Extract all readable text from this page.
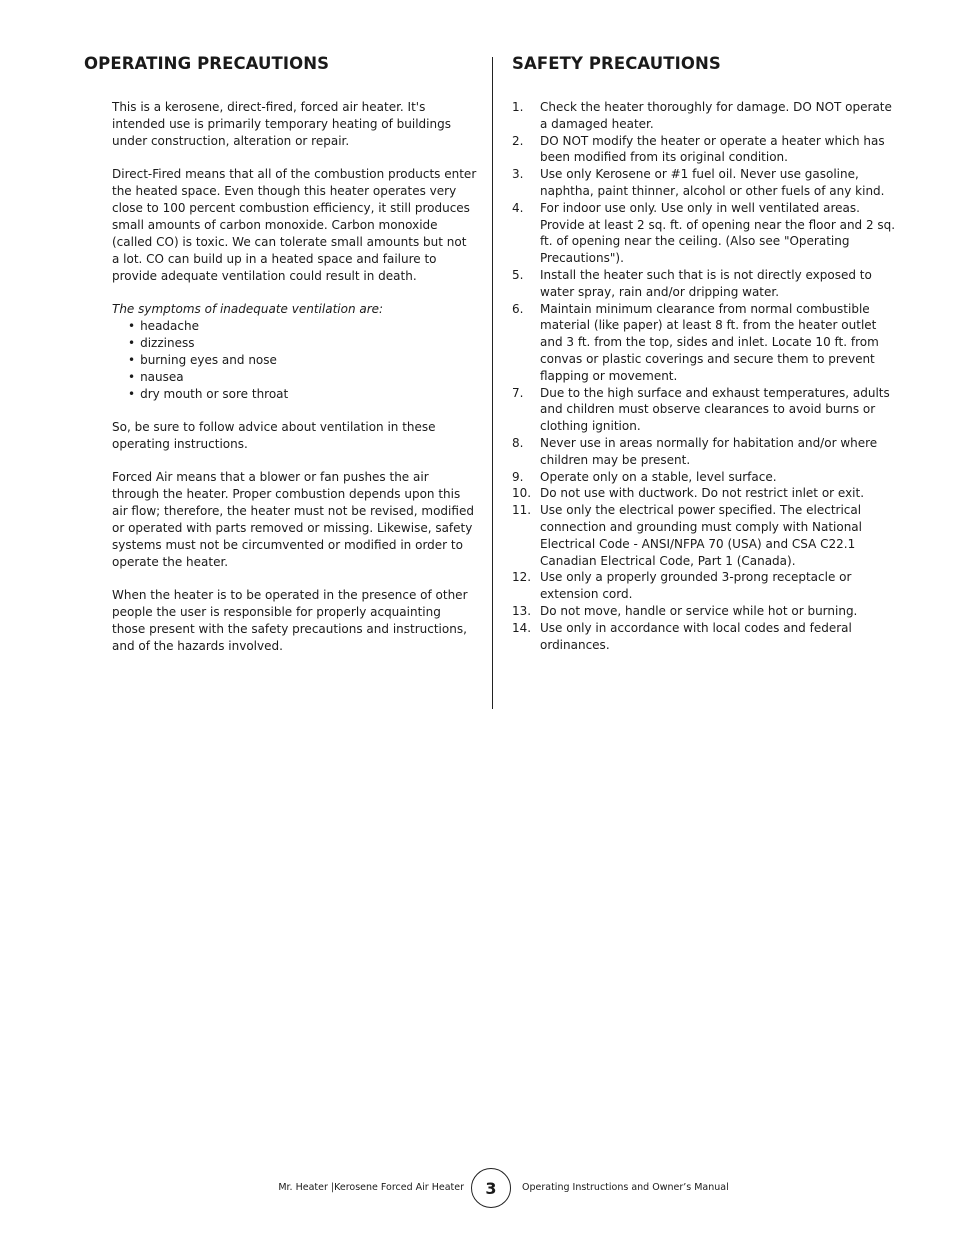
OPERATING PRECAUTIONS	SAFETY PRECAUTIONS

This is a kerosene, direct-fired, forced air heater. It's intended use is primarily temporary heating of buildings under construction, alteration or repair.

Direct-Fired means that all of the combustion products enter the heated space. Even though this heater operates very close to 100 percent combustion efficiency, it still produces small amounts of carbon monoxide. Carbon monoxide (called CO) is toxic. We can tolerate small amounts but not a lot. CO can build up in a heated space and failure to provide adequate ventilation could result in death.

The symptoms of inadequate ventilation are:

• headache
• dizziness
• burning eyes and nose
• nausea
• dry mouth or sore throat

So, be sure to follow advice about ventilation in these operating instructions.

Forced Air means that a blower or fan pushes the air through the heater. Proper combustion depends upon this air flow; therefore, the heater must not be revised, modified or operated with parts removed or missing. Likewise, safety systems must not be circumvented or modified in order to operate the heater.

When the heater is to be operated in the presence of other people the user is responsible for properly acquainting those present with the safety precautions and instructions, and of the hazards involved.

1. Check the heater thoroughly for damage. DO NOT operate a damaged heater.
2. DO NOT modify the heater or operate a heater which has been modified from its original condition.
3. Use only Kerosene or #1 fuel oil. Never use gasoline, naphtha, paint thinner, alcohol or other fuels of any kind.
4. For indoor use only. Use only in well ventilated areas. Provide at least 2 sq. ft. of opening near the floor and 2 sq. ft. of opening near the ceiling. (Also see "Operating Precautions").
5. Install the heater such that is is not directly exposed to water spray, rain and/or dripping water.
6. Maintain minimum clearance from normal combustible material (like paper) at least 8 ft. from the heater outlet and 3 ft. from the top, sides and inlet. Locate 10 ft. from convas or plastic coverings and secure them to prevent flapping or movement.
7. Due to the high surface and exhaust temperatures, adults and children must observe clearances to avoid burns or clothing ignition.
8. Never use in areas normally for habitation and/or where children may be present.
9. Operate only on a stable, level surface.
10. Do not use with ductwork. Do not restrict inlet or exit.
11. Use only the electrical power specified. The electrical connection and grounding must comply with National Electrical Code - ANSI/NFPA 70 (USA) and CSA C22.1 Canadian Electrical Code, Part 1 (Canada).
12. Use only a properly grounded 3-prong receptacle or extension cord.
13. Do not move, handle or service while hot or burning.
14. Use only in accordance with local codes and federal ordinances.
Mr. Heater |Kerosene Forced Air Heater	3	Operating Instructions and Owner’s Manual
